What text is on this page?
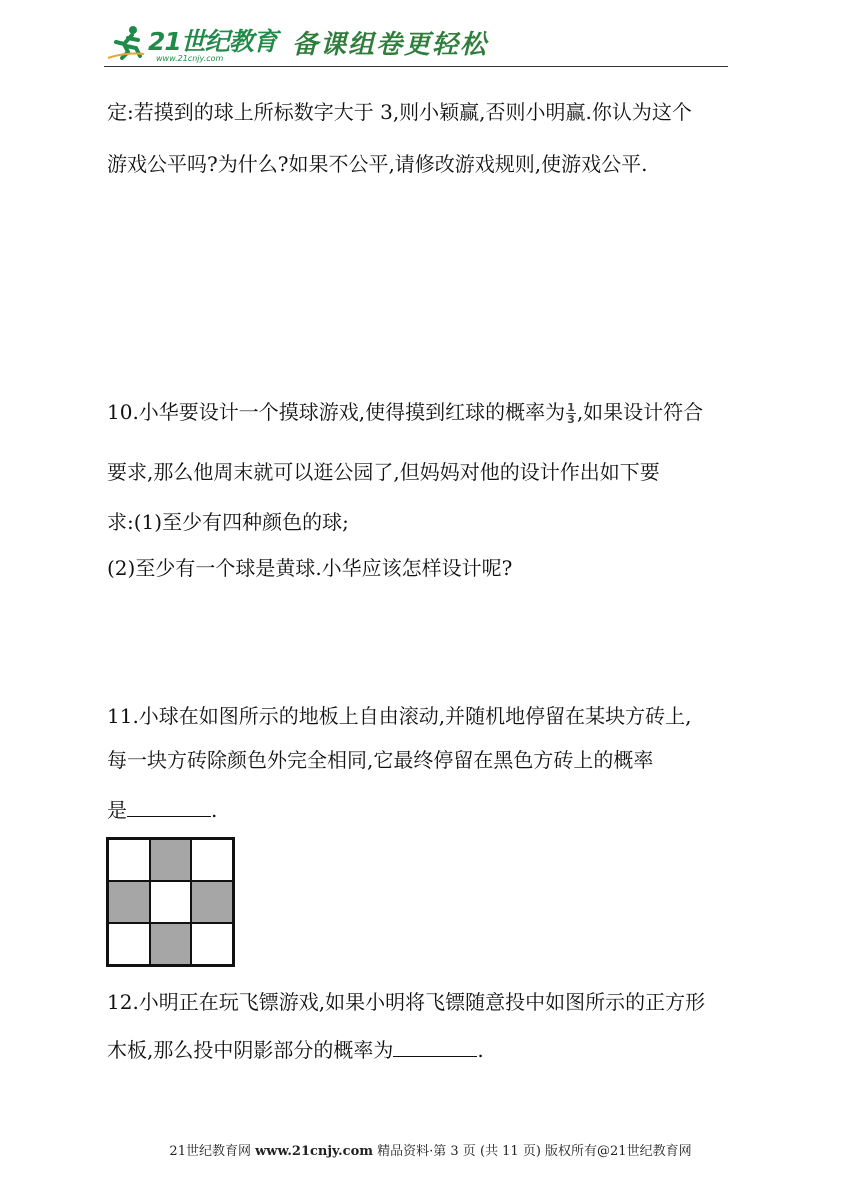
21世纪教育
www.21cnjy.com	备课组卷更轻松
定:若摸到的球上所标数字大于 3,则小颖赢,否则小明赢.你认为这个
游戏公平吗?为什么?如果不公平,请修改游戏规则,使游戏公平.
10.小华要设计一个摸球游戏,使得摸到红球的概率为 $\frac{1}{3}$ ,如果设计符合
要求,那么他周末就可以逛公园了,但妈妈对他的设计作出如下要
求:(1)至少有四种颜色的球;
(2)至少有一个球是黄球.小华应该怎样设计呢?
11.小球在如图所示的地板上自由滚动,并随机地停留在某块方砖上,
每一块方砖除颜色外完全相同,它最终停留在黑色方砖上的概率
是	.
12.小明正在玩飞镖游戏,如果小明将飞镖随意投中如图所示的正方形
木板,那么投中阴影部分的概率为	.
21世纪教育网 www.21cnjy.com 精品资料·第 3 页 (共 11 页) 版权所有@21世纪教育网
